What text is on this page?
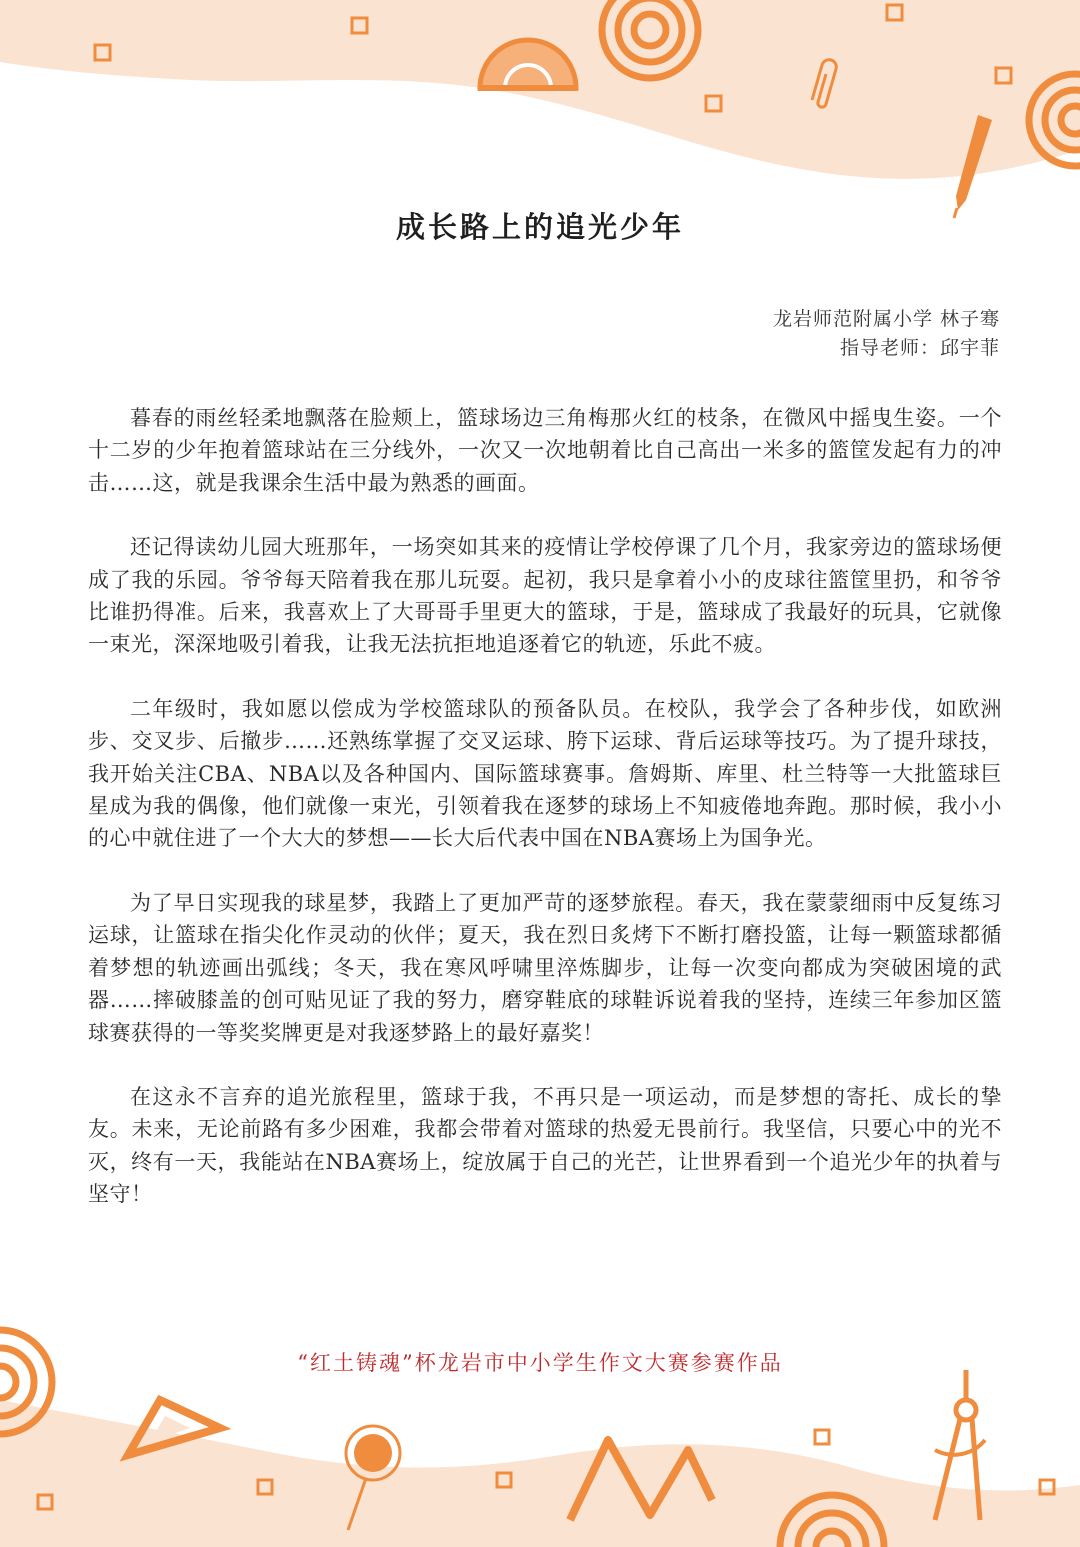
成长路上的追光少年
龙岩师范附属小学 林子骞
指导老师：邱宇菲

暮春的雨丝轻柔地飘落在脸颊上，篮球场边三角梅那火红的枝条，在微风中摇曳生姿。一个十二岁的少年抱着篮球站在三分线外，一次又一次地朝着比自己高出一米多的篮筐发起有力的冲击……这，就是我课余生活中最为熟悉的画面。

还记得读幼儿园大班那年，一场突如其来的疫情让学校停课了几个月，我家旁边的篮球场便成了我的乐园。爷爷每天陪着我在那儿玩耍。起初，我只是拿着小小的皮球往篮筐里扔，和爷爷比谁扔得准。后来，我喜欢上了大哥哥手里更大的篮球，于是，篮球成了我最好的玩具，它就像一束光，深深地吸引着我，让我无法抗拒地追逐着它的轨迹，乐此不疲。

二年级时，我如愿以偿成为学校篮球队的预备队员。在校队，我学会了各种步伐，如欧洲步、交叉步、后撤步……还熟练掌握了交叉运球、胯下运球、背后运球等技巧。为了提升球技，我开始关注CBA、NBA以及各种国内、国际篮球赛事。詹姆斯、库里、杜兰特等一大批篮球巨星成为我的偶像，他们就像一束光，引领着我在逐梦的球场上不知疲倦地奔跑。那时候，我小小的心中就住进了一个大大的梦想——长大后代表中国在NBA赛场上为国争光。

为了早日实现我的球星梦，我踏上了更加严苛的逐梦旅程。春天，我在蒙蒙细雨中反复练习运球，让篮球在指尖化作灵动的伙伴；夏天，我在烈日炙烤下不断打磨投篮，让每一颗篮球都循着梦想的轨迹画出弧线；冬天，我在寒风呼啸里淬炼脚步，让每一次变向都成为突破困境的武器……摔破膝盖的创可贴见证了我的努力，磨穿鞋底的球鞋诉说着我的坚持，连续三年参加区篮球赛获得的一等奖奖牌更是对我逐梦路上的最好嘉奖！

在这永不言弃的追光旅程里，篮球于我，不再只是一项运动，而是梦想的寄托、成长的挚友。未来，无论前路有多少困难，我都会带着对篮球的热爱无畏前行。我坚信，只要心中的光不灭，终有一天，我能站在NBA赛场上，绽放属于自己的光芒，让世界看到一个追光少年的执着与坚守！

“红土铸魂”杯龙岩市中小学生作文大赛参赛作品
